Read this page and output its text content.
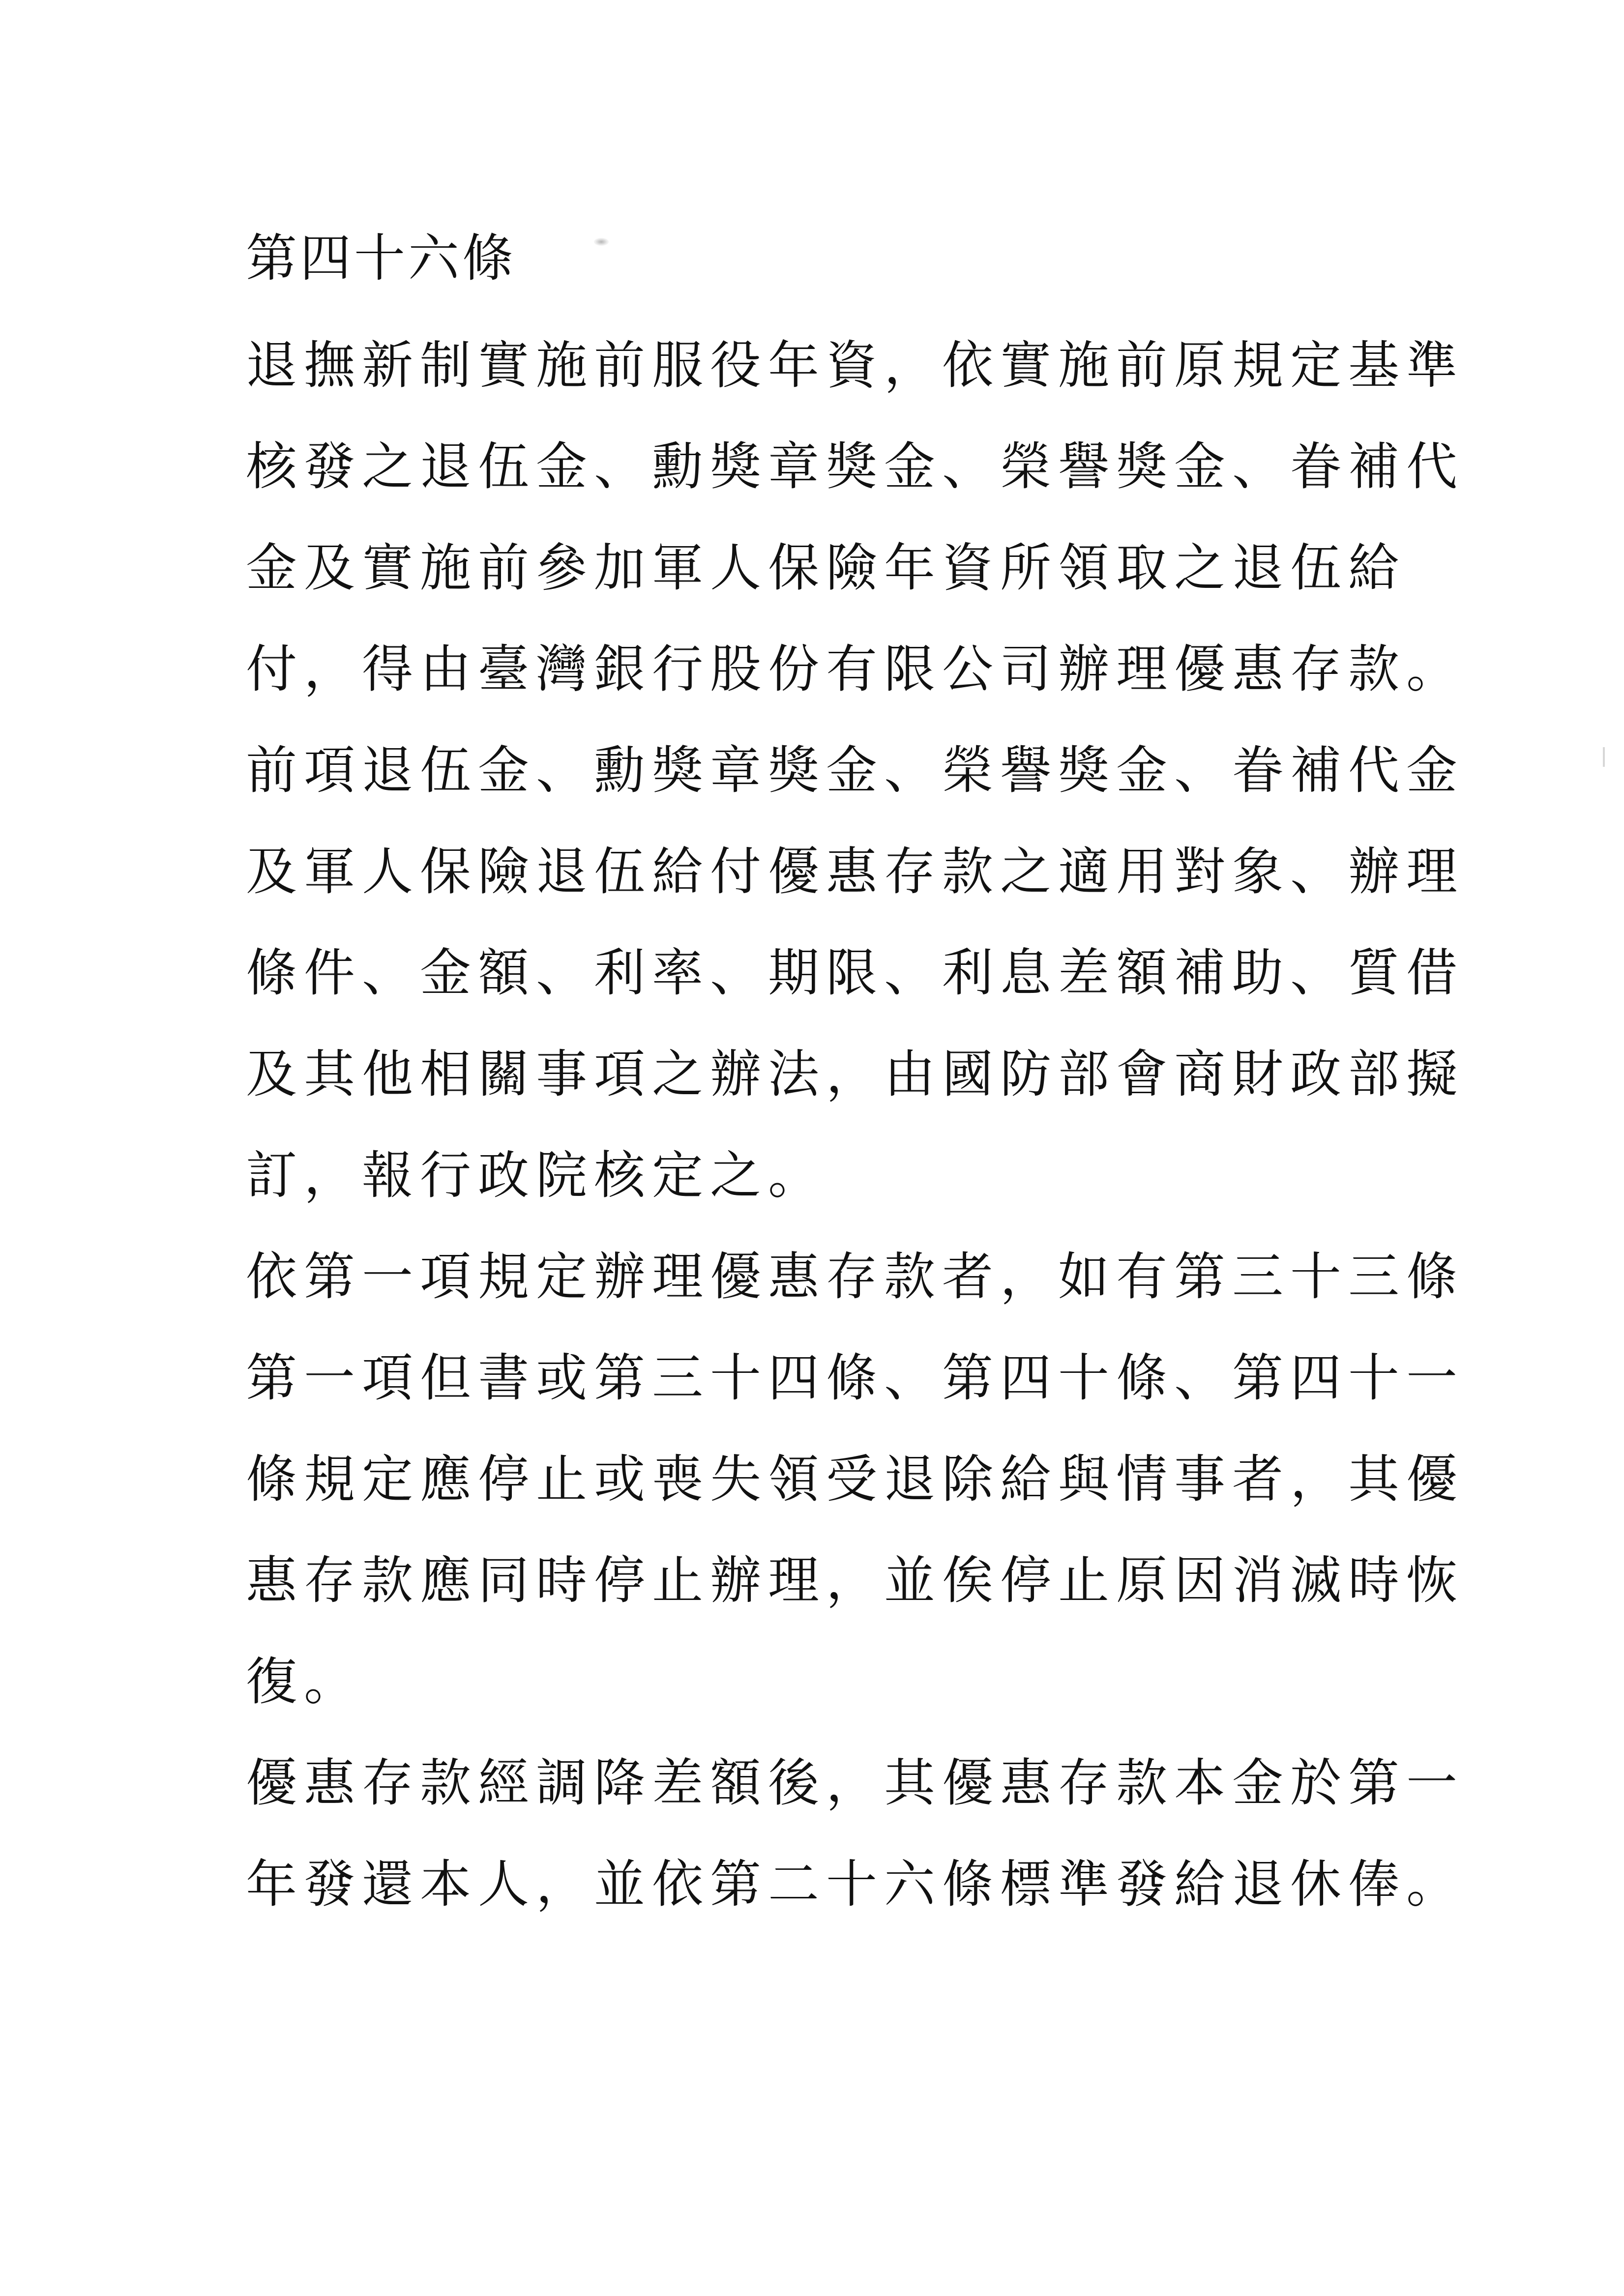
第四十六條
退撫新制實施前服役年資，依實施前原規定基準
核發之退伍金、勳獎章獎金、榮譽獎金、眷補代
金及實施前參加軍人保險年資所領取之退伍給
付，得由臺灣銀行股份有限公司辦理優惠存款。
前項退伍金、勳獎章獎金、榮譽獎金、眷補代金
及軍人保險退伍給付優惠存款之適用對象、辦理
條件、金額、利率、期限、利息差額補助、質借
及其他相關事項之辦法，由國防部會商財政部擬
訂，報行政院核定之。
依第一項規定辦理優惠存款者，如有第三十三條
第一項但書或第三十四條、第四十條、第四十一
條規定應停止或喪失領受退除給與情事者，其優
惠存款應同時停止辦理，並俟停止原因消滅時恢
復。
優惠存款經調降差額後，其優惠存款本金於第一
年發還本人，並依第二十六條標準發給退休俸。
